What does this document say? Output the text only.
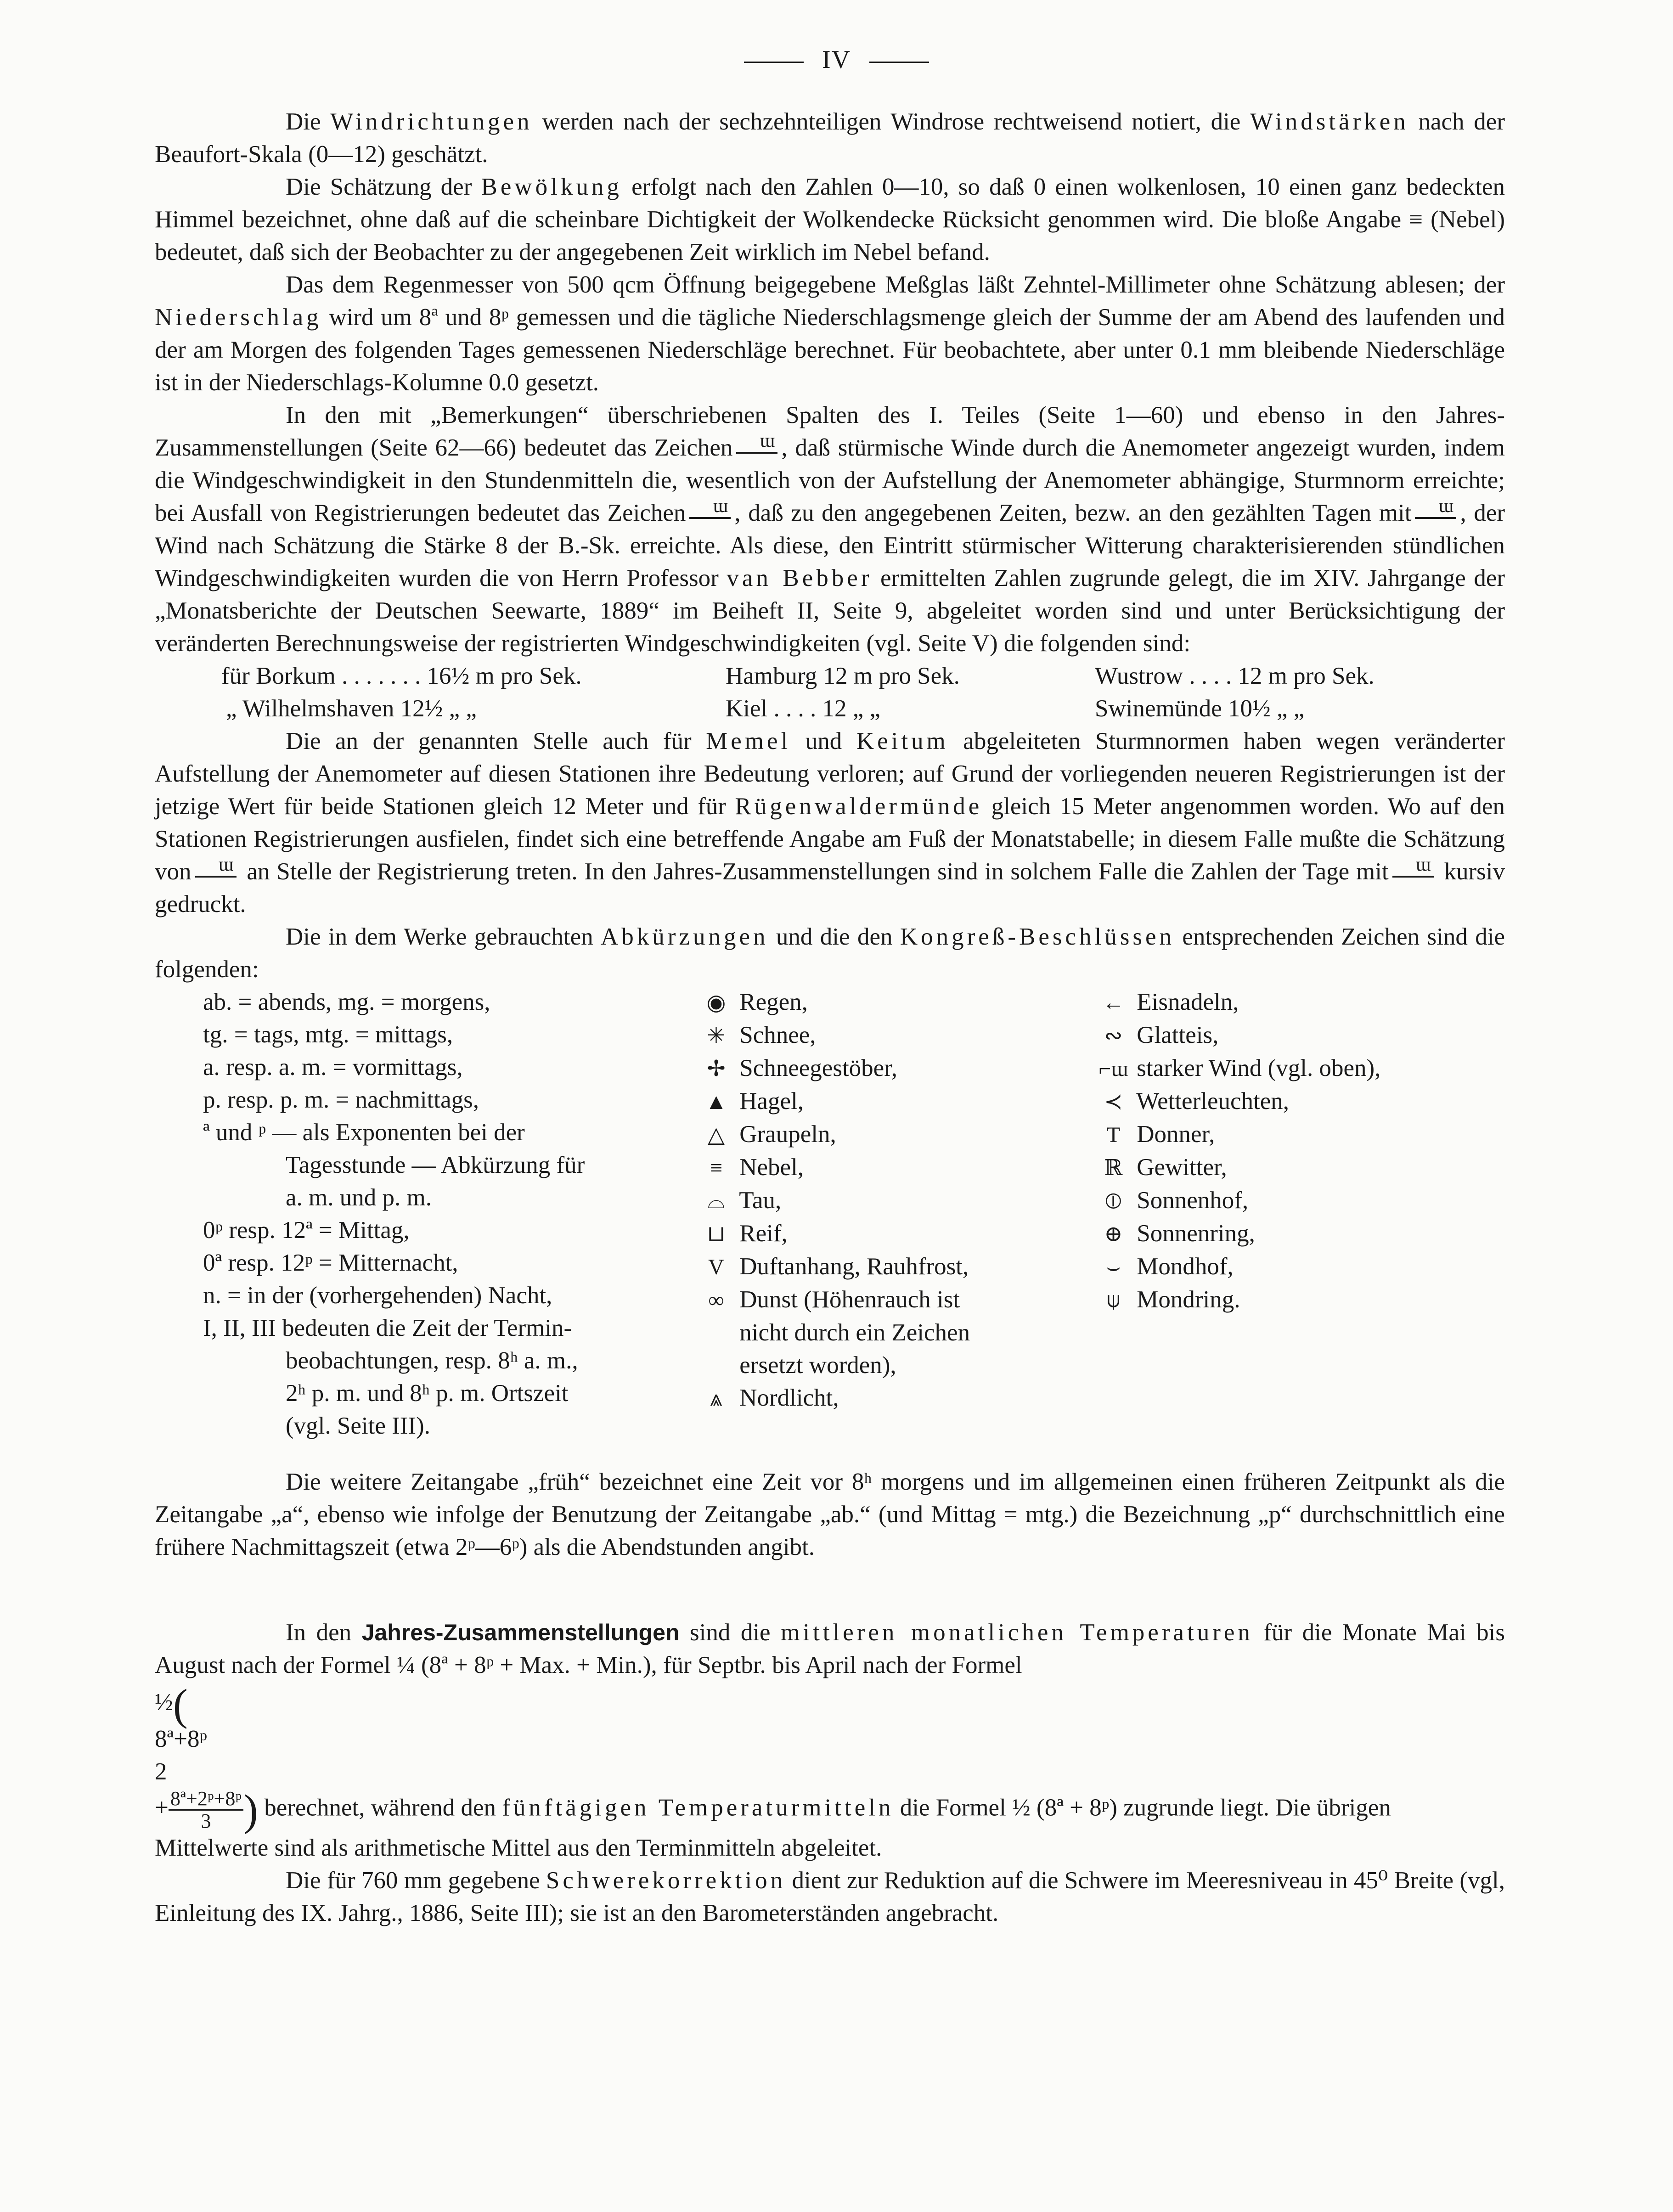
IV

Die Windrichtungen werden nach der sechzehnteiligen Windrose rechtweisend notiert, die Windstärken nach der Beaufort-Skala (0—12) geschätzt.

Die Schätzung der Bewölkung erfolgt nach den Zahlen 0—10, so daß 0 einen wolkenlosen, 10 einen ganz bedeckten Himmel bezeichnet, ohne daß auf die scheinbare Dichtigkeit der Wolkendecke Rücksicht genommen wird. Die bloße Angabe ≡ (Nebel) bedeutet, daß sich der Beobachter zu der angegebenen Zeit wirklich im Nebel befand.

Das dem Regenmesser von 500 qcm Öffnung beigegebene Meßglas läßt Zehntel-Millimeter ohne Schätzung ablesen; der Niederschlag wird um 8ª und 8ᵖ gemessen und die tägliche Niederschlagsmenge gleich der Summe der am Abend des laufenden und der am Morgen des folgenden Tages gemessenen Niederschläge berechnet. Für beobachtete, aber unter 0.1 mm bleibende Niederschläge ist in der Niederschlags-Kolumne 0.0 gesetzt.

In den mit „Bemerkungen“ überschriebenen Spalten des I. Teiles (Seite 1—60) und ebenso in den Jahres-Zusammenstellungen (Seite 62—66) bedeutet das Zeichen ɯ , daß stürmische Winde durch die Anemometer angezeigt wurden, indem die Windgeschwindigkeit in den Stundenmitteln die, wesentlich von der Aufstellung der Anemometer abhängige, Sturmnorm erreichte; bei Ausfall von Registrierungen bedeutet das Zeichen ɯ , daß zu den angegebenen Zeiten, bezw. an den gezählten Tagen mit ɯ , der Wind nach Schätzung die Stärke 8 der B.-Sk. erreichte. Als diese, den Eintritt stürmischer Witterung charakterisierenden stündlichen Windgeschwindigkeiten wurden die von Herrn Professor van Bebber ermittelten Zahlen zugrunde gelegt, die im XIV. Jahrgange der „Monatsberichte der Deutschen Seewarte, 1889“ im Beiheft II, Seite 9, abgeleitet worden sind und unter Berücksichtigung der veränderten Berechnungsweise der registrierten Windgeschwindigkeiten (vgl. Seite V) die folgenden sind:

für Borkum . . . . . . . 16½ m pro Sek.	Hamburg 12 m pro Sek.	Wustrow . . . . 12 m pro Sek.
„ Wilhelmshaven 12½ „ „	Kiel . . . . 12 „ „	Swinemünde 10½ „ „

Die an der genannten Stelle auch für Memel und Keitum abgeleiteten Sturmnormen haben wegen veränderter Aufstellung der Anemometer auf diesen Stationen ihre Bedeutung verloren; auf Grund der vorliegenden neueren Registrierungen ist der jetzige Wert für beide Stationen gleich 12 Meter und für Rügenwaldermünde gleich 15 Meter angenommen worden. Wo auf den Stationen Registrierungen ausfielen, findet sich eine betreffende Angabe am Fuß der Monatstabelle; in diesem Falle mußte die Schätzung vonɯ an Stelle der Registrierung treten. In den Jahres-Zusammenstellungen sind in solchem Falle die Zahlen der Tage mitɯ kursiv gedruckt.

Die in dem Werke gebrauchten Abkürzungen und die den Kongreß-Beschlüssen entsprechenden Zeichen sind die folgenden:

ab. = abends, mg. = morgens,
tg. = tags, mtg. = mittags,
a. resp. a. m. = vormittags,
p. resp. p. m. = nachmittags,
ª und ᵖ — als Exponenten bei der
Tagesstunde — Abkürzung für
a. m. und p. m.
0ᵖ resp. 12ª = Mittag,
0ª resp. 12ᵖ = Mitternacht,
n. = in der (vorhergehenden) Nacht,
I, II, III bedeuten die Zeit der Termin-
beobachtungen, resp. 8ʰ a. m.,
2ʰ p. m. und 8ʰ p. m. Ortszeit
(vgl. Seite III).
◉ Regen,
✳ Schnee,
✢ Schneegestöber,
▲ Hagel,
△ Graupeln,
≡ Nebel,
⌓ Tau,
⊔ Reif,
V Duftanhang, Rauhfrost,
∞ Dunst (Höhenrauch ist
nicht durch ein Zeichen
ersetzt worden),
⩓ Nordlicht,
← Eisnadeln,
∾ Glatteis,
⌐ɯ starker Wind (vgl. oben),
≺ Wetterleuchten,
T Donner,
ℝ Gewitter,
⦶ Sonnenhof,
⊕ Sonnenring,
⌣ Mondhof,
⍦ Mondring.

Die weitere Zeitangabe „früh“ bezeichnet eine Zeit vor 8ʰ morgens und im allgemeinen einen früheren Zeitpunkt als die Zeitangabe „a“, ebenso wie infolge der Benutzung der Zeitangabe „ab.“ (und Mittag = mtg.) die Bezeichnung „p“ durchschnittlich eine frühere Nachmittagszeit (etwa 2ᵖ—6ᵖ) als die Abendstunden angibt.

In den Jahres-Zusammenstellungen sind die mittleren monatlichen Temperaturen für die Monate Mai bis August nach der Formel ¼ (8ª + 8ᵖ + Max. + Min.), für Septbr. bis April nach der Formel

½(

8ª+8ᵖ
2
+ $\frac{\text{8ª+2ᵖ+8ᵖ}}{3}$ ) berechnet, während den fünftägigen Temperaturmitteln die Formel ½ (8ª + 8ᵖ) zugrunde liegt. Die übrigen Mittelwerte sind als arithmetische Mittel aus den Terminmitteln abgeleitet.

Die für 760 mm gegebene Schwerekorrektion dient zur Reduktion auf die Schwere im Meeresniveau in 45⁰ Breite (vgl, Einleitung des IX. Jahrg., 1886, Seite III); sie ist an den Barometerständen angebracht.
